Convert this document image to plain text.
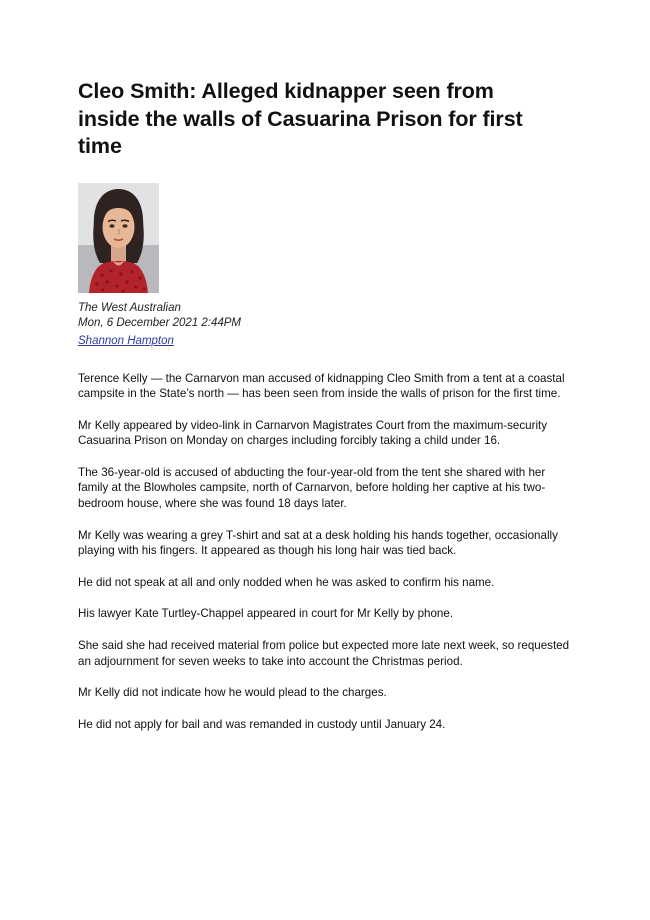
Cleo Smith: Alleged kidnapper seen from inside the walls of Casuarina Prison for first time
The West Australian
Mon, 6 December 2021 2:44PM
Shannon Hampton

Terence Kelly — the Carnarvon man accused of kidnapping Cleo Smith from a tent at a coastal campsite in the State’s north — has been seen from inside the walls of prison for the first time.

Mr Kelly appeared by video-link in Carnarvon Magistrates Court from the maximum-security Casuarina Prison on Monday on charges including forcibly taking a child under 16.

The 36-year-old is accused of abducting the four-year-old from the tent she shared with her family at the Blowholes campsite, north of Carnarvon, before holding her captive at his two-bedroom house, where she was found 18 days later.

Mr Kelly was wearing a grey T-shirt and sat at a desk holding his hands together, occasionally playing with his fingers. It appeared as though his long hair was tied back.

He did not speak at all and only nodded when he was asked to confirm his name.

His lawyer Kate Turtley-Chappel appeared in court for Mr Kelly by phone.

She said she had received material from police but expected more late next week, so requested an adjournment for seven weeks to take into account the Christmas period.

Mr Kelly did not indicate how he would plead to the charges.

He did not apply for bail and was remanded in custody until January 24.
